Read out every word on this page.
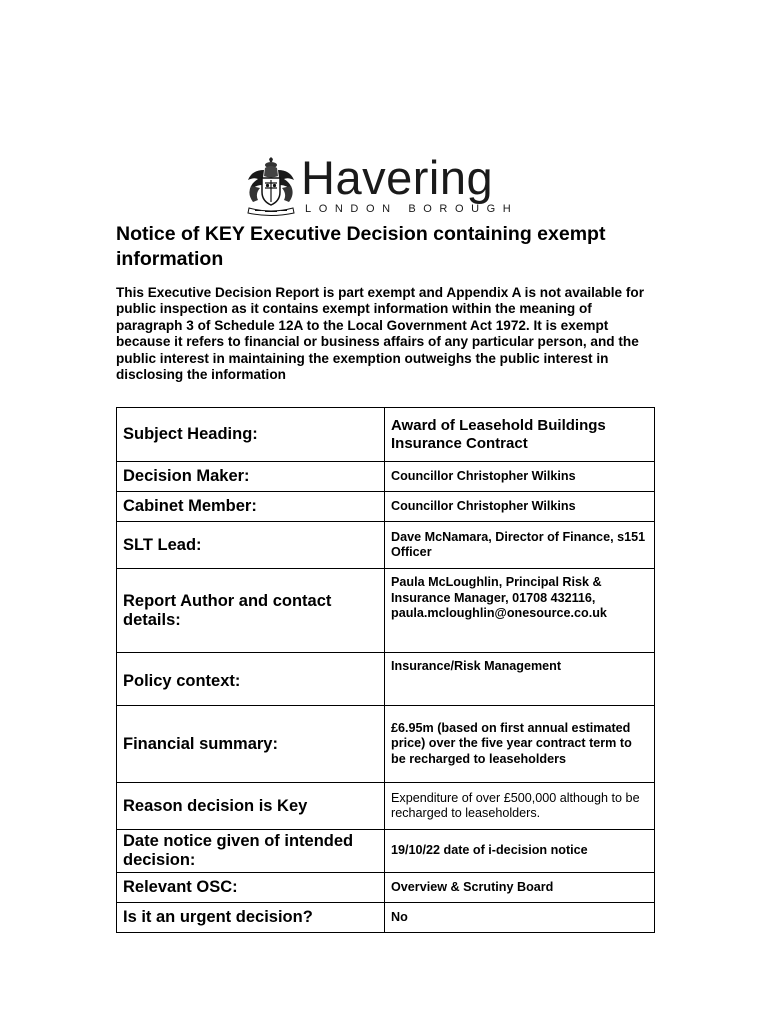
Havering
LONDON BOROUGH
Notice of KEY Executive Decision containing exempt information

This Executive Decision Report is part exempt and Appendix A is not available for public inspection as it contains exempt information within the meaning of paragraph 3 of Schedule 12A to the Local Government Act 1972. It is exempt because it refers to financial or business affairs of any particular person, and the public interest in maintaining the exemption outweighs the public interest in disclosing the information

Subject Heading:	Award of Leasehold Buildings Insurance Contract
Decision Maker:	Councillor Christopher Wilkins
Cabinet Member:	Councillor Christopher Wilkins
SLT Lead:	Dave McNamara, Director of Finance, s151 Officer
Report Author and contact details:	Paula McLoughlin, Principal Risk & Insurance Manager, 01708 432116, paula.mcloughlin@onesource.co.uk
Policy context:	Insurance/Risk Management
Financial summary:	£6.95m (based on first annual estimated price) over the five year contract term to be recharged to leaseholders
Reason decision is Key	Expenditure of over £500,000 although to be recharged to leaseholders.
Date notice given of intended decision:	19/10/22 date of i-decision notice
Relevant OSC:	Overview & Scrutiny Board
Is it an urgent decision?	No
